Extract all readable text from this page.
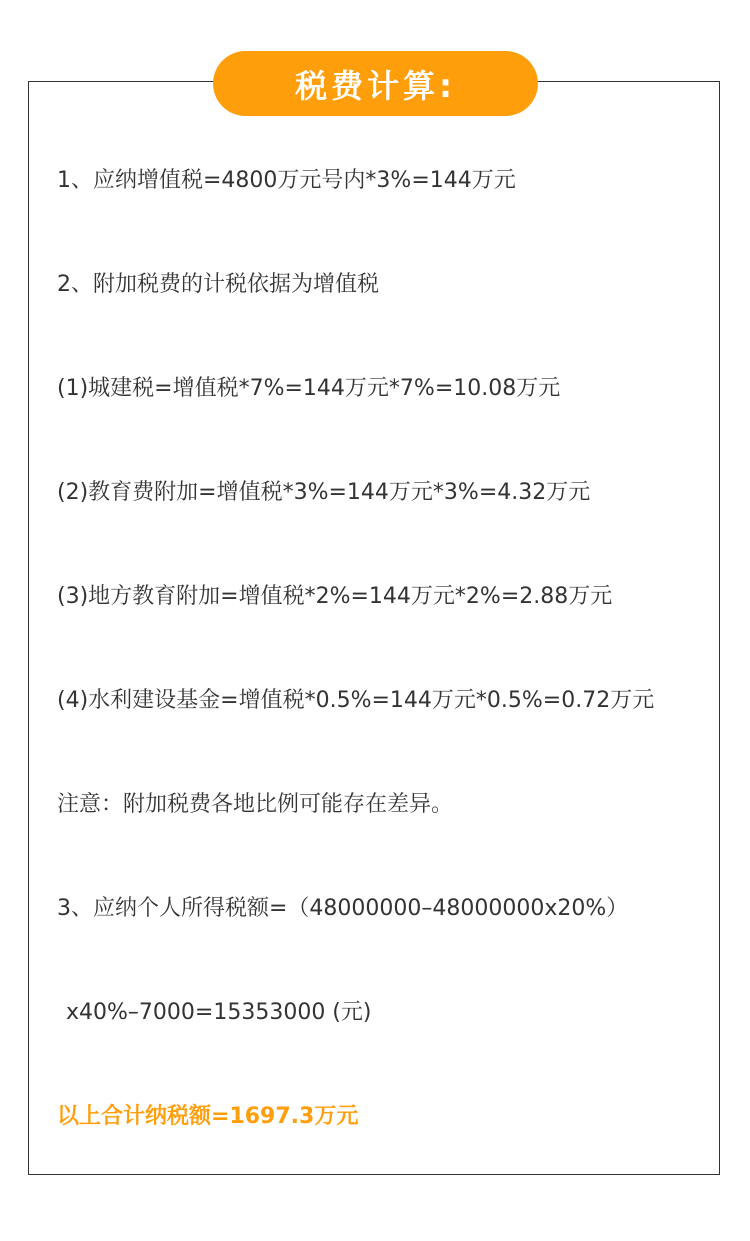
税费计算:
1、应纳增值税=4800万元号内*3%=144万元
2、附加税费的计税依据为增值税
(1)城建税=增值税*7%=144万元*7%=10.08万元
(2)教育费附加=增值税*3%=144万元*3%=4.32万元
(3)地方教育附加=增值税*2%=144万元*2%=2.88万元
(4)水利建设基金=增值税*0.5%=144万元*0.5%=0.72万元
注意：附加税费各地比例可能存在差异。
3、应纳个人所得税额=（48000000–48000000x20%）
x40%–7000=15353000 (元)
以上合计纳税额=1697.3万元
